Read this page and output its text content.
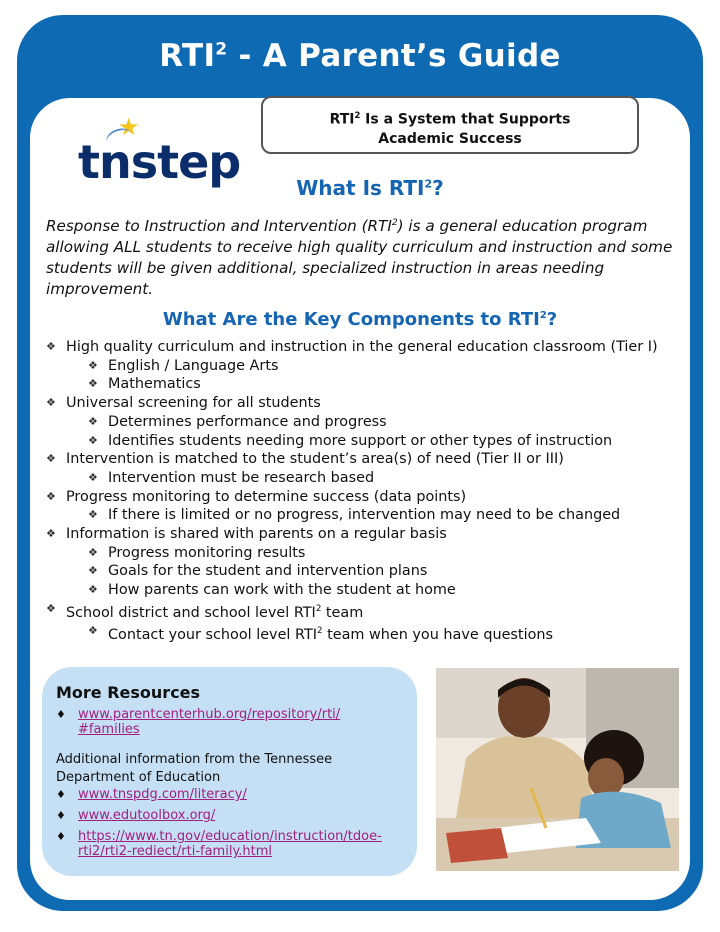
RTI$^2$ - A Parent’s Guide
RTI$^2$ Is a System that Supports
Academic Success
★
tnstep	What Is RTI$^2$?

Response to Instruction and Intervention (RTI$^2$) is a general education program allowing ALL students to receive high quality curriculum and instruction and some students will be given additional, specialized instruction in areas needing improvement.

What Are the Key Components to RTI$^2$?
❖ High quality curriculum and instruction in the general education classroom (Tier I)
❖ English / Language Arts
❖ Mathematics
❖ Universal screening for all students
❖ Determines performance and progress
❖ Identifies students needing more support or other types of instruction
❖ Intervention is matched to the student’s area(s) of need (Tier II or III)
❖ Intervention must be research based
❖ Progress monitoring to determine success (data points)
❖ If there is limited or no progress, intervention may need to be changed
❖ Information is shared with parents on a regular basis
❖ Progress monitoring results
❖ Goals for the student and intervention plans
❖ How parents can work with the student at home
❖ School district and school level RTI$^2$ team
❖ Contact your school level RTI$^2$ team when you have questions
More Resources
♦ www.parentcenterhub.org/repository/rti/
#families
Additional information from the Tennessee Department of Education
♦ www.tnspdg.com/literacy/
♦ www.edutoolbox.org/
♦ https://www.tn.gov/education/instruction/tdoe-
rti2/rti2-rediect/rti-family.html
